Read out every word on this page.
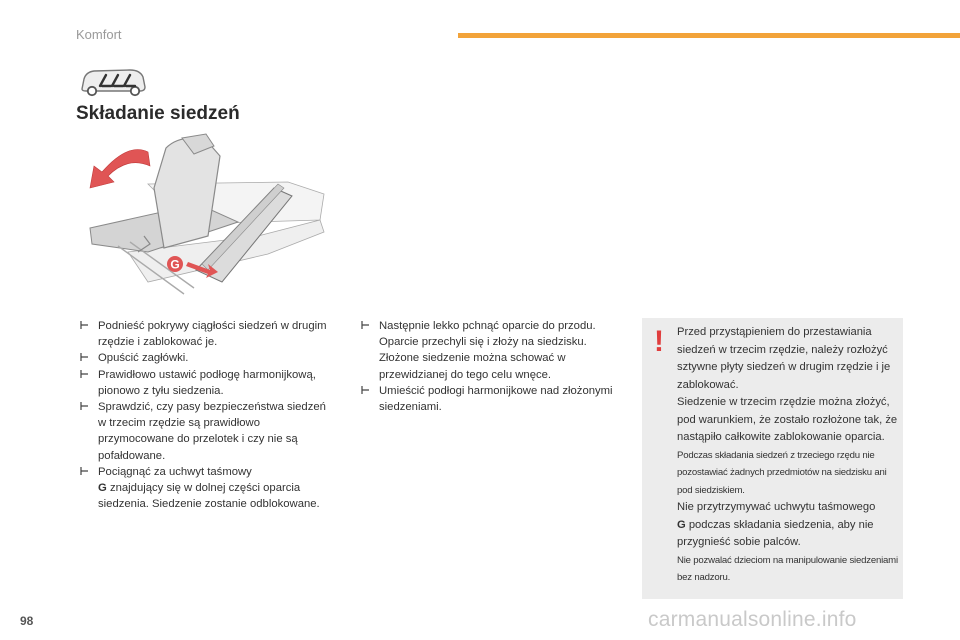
Komfort
Składanie siedzeń
G
Podnieść pokrywy ciągłości siedzeń w drugim rzędzie i zablokować je.
Opuścić zagłówki.
Prawidłowo ustawić podłogę harmonijkową, pionowo z tyłu siedzenia.
Sprawdzić, czy pasy bezpieczeństwa siedzeń w trzecim rzędzie są prawidłowo przymocowane do przelotek i czy nie są pofałdowane.
Pociągnąć za uchwyt taśmowy
G znajdujący się w dolnej części oparcia siedzenia. Siedzenie zostanie odblokowane.
Następnie lekko pchnąć oparcie do przodu. Oparcie przechyli się i złoży na siedzisku. Złożone siedzenie można schować w przewidzianej do tego celu wnęce.
Umieścić podłogi harmonijkowe nad złożonymi siedzeniami.
! Przed przystąpieniem do przestawiania siedzeń w trzecim rzędzie, należy rozłożyć sztywne płyty siedzeń w drugim rzędzie i je zablokować.
Siedzenie w trzecim rzędzie można złożyć, pod warunkiem, że zostało rozłożone tak, że nastąpiło całkowite zablokowanie oparcia.
Podczas składania siedzeń z trzeciego rzędu nie pozostawiać żadnych przedmiotów na siedzisku ani pod siedziskiem.
Nie przytrzymywać uchwytu taśmowego
G podczas składania siedzenia, aby nie przygnieść sobie palców.
Nie pozwalać dzieciom na manipulowanie siedzeniami bez nadzoru.
98	carmanualsonline.info
